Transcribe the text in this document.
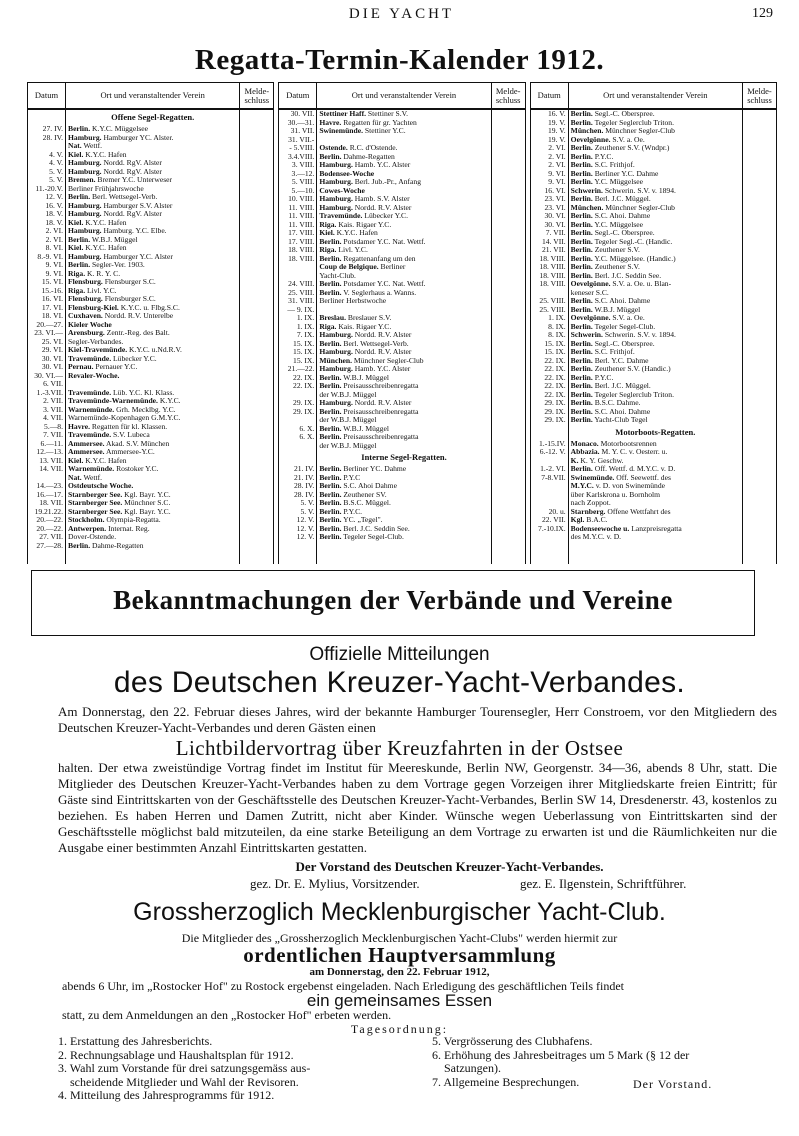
DIE YACHT	129
Regatta-Termin-Kalender 1912.
Datum	Ort und veranstaltender Verein	Melde-
schluss
Offene Segel-Regatten.
27. IV. Berlin. K.Y.C. Müggelsee
28. IV. Hamburg. Hamburger YC. Alster.
Nat. Wettf.
4. V. Kiel. K.Y.C. Hafen
4. V. Hamburg. Nordd. RgV. Alster
5. V. Hamburg. Nordd. RgV. Alster
5. V. Bremen. Bremer Y.C. Unterweser
11.-20.V. Berliner Frühjahrswoche
12. V. Berlin. Berl. Wettsegel-Verb.
16. V. Hamburg. Hamburger S.V. Alster
18. V. Hamburg. Nordd. RgV. Alster
18. V. Kiel. K.Y.C. Hafen
2. VI. Hamburg. Hamburg. Y.C. Elbe.
2. VI. Berlin. W.B.J. Müggel
8. VI. Kiel. K.Y.C. Hafen
8.-9. VI. Hamburg. Hamburger Y.C. Alster
9. VI. Berlin. Segler-Ver. 1903.
9. VI. Riga. K. R. Y. C.
15. VI. Flensburg. Flensburger S.C.
15.-16. Riga. Livl. Y.C.
16. VI. Flensburg. Flensburger S.C.
17. VI. Flensburg-Kiel. K.Y.C. u. Flbg.S.C.
18. VI. Cuxhaven. Nordd. R.V. Unterelbe
20.—27. Kieler Woche
23. VI.— Arensburg. Zentr.-Reg. des Balt.
25. VI. Segler-Verbandes.
29. VI. Kiel-Travemünde. K.Y.C. u.Nd.R.V.
30. VI. Travemünde. Lübecker Y.C.
30. VI. Pernau. Pernauer Y.C.
30. VI.— Revaler-Woche.
6. VII.
1.-3.VII. Travemünde. Lüb. Y.C. Kl. Klass.
2. VII. Travemünde-Warnemünde. K.Y.C.
3. VII. Warnemünde. Grh. Mecklbg. Y.C.
4. VII. Warnemünde-Kopenhagen G.M.Y.C.
5.—8. Havre. Regatten für kl. Klassen.
7. VII. Travemünde. S.V. Lubeca
6.—11. Ammersee. Akad. S.V. München
12.—13. Ammersee. Ammersee-Y.C.
13. VII. Kiel. K.Y.C. Hafen
14. VII. Warnemünde. Rostoker Y.C.
Nat. Wettf.
14.—23. Ostdeutsche Woche.
16.—17. Starnberger See. Kgl. Bayr. Y.C.
18. VII. Starnberger See. Münchner S.C.
19.21.22. Starnberger See. Kgl. Bayr. Y.C.
20.—22. Stockholm. Olympia-Regatta.
20.—22. Antwerpen. Internat. Reg.
27. VII. Dover-Ostende.
27.—28. Berlin. Dahme-Regatten
Datum	Ort und veranstaltender Verein	Melde-
schluss
30. VII. Stettiner Haff. Stettiner S.V.
30.—31. Havre. Regatten für gr. Yachten
31. VII. Swinemünde. Stettiner Y.C.
31. VII.-
- 5.VIII. Ostende. R.C. d'Ostende.
3.4.VIII. Berlin. Dahme-Regatten
3. VIII. Hamburg. Hamb. Y.C. Alster
3.—12. Bodensee-Woche
5. VIII. Hamburg. Berl. Jub.-Pr., Anfang
5.—10. Cowes-Woche
10. VIII. Hamburg. Hamb. S.V. Alster
11. VIII. Hamburg. Nordd. R.V. Alster
11. VIII. Travemünde. Lübecker Y.C.
11. VIII. Riga. Kais. Rigaer Y.C.
17. VIII. Kiel. K.Y.C. Hafen
17. VIII. Berlin. Potsdamer Y.C. Nat. Wettf.
18. VIII. Riga. Livl. Y.C.
18. VIII. Berlin. Regattenanfang um den
Coup de Belgique. Berliner
Yacht-Club.
24. VIII. Berlin. Potsdamer Y.C. Nat. Wettf.
25. VIII. Berlin. V. Seglerhaus a. Wanns.
31. VIII. Berliner Herbstwoche
— 9. IX.
1. IX. Breslau. Breslauer S.V.
1. IX. Riga. Kais. Rigaer Y.C.
7. IX. Hamburg. Nordd. R.V. Alster
15. IX. Berlin. Berl. Wettsegel-Verb.
15. IX. Hamburg. Nordd. R.V. Alster
15. IX. München. Münchner Segler-Club
21.—22. Hamburg. Hamb. Y.C. Alster
22. IX. Berlin. W.B.J. Müggel
22. IX. Berlin. Preisausschreibenregatta
der W.B.J. Müggel
29. IX. Hamburg. Nordd. R.V. Alster
29. IX. Berlin. Preisausschreibenregatta
der W.B.J. Müggel
6. X. Berlin. W.B.J. Müggel
6. X. Berlin. Preisausschreibenregatta
der W.B.J. Müggel
Interne Segel-Regatten.
21. IV. Berlin. Berliner YC. Dahme
21. IV. Berlin. P.Y.C
28. IV. Berlin. S.C. Ahoi Dahme
28. IV. Berlin. Zeuthener SV.
5. V. Berlin. B.S.C. Müggel.
5. V. Berlin. P.Y.C.
12. V. Berlin. YC. „Tegel".
12. V. Berlin. Berl. J.C. Seddin See.
12. V. Berlin. Tegeler Segel-Club.
Datum	Ort und veranstaltender Verein	Melde-
schluss
16. V. Berlin. Segl.-C. Oberspree.
19. V. Berlin. Tegeler Seglerclub Triton.
19. V. München. Münchner Segler-Club
19. V. Oevelgönne. S.V. a. Oe.
2. VI. Berlin. Zeuthener S.V. (Wndpr.)
2. VI. Berlin. P.Y.C.
2. VI. Berlin. S.C. Frithjof.
9. VI. Berlin. Berliner Y.C. Dahme
9. VI. Berlin. Y.C. Müggelsee
16. VI. Schwerin. Schwerin. S.V. v. 1894.
23. VI. Berlin. Berl. J.C. Müggel.
23. VI. München. Münchner Segler-Club
30. VI. Berlin. S.C. Ahoi. Dahme
30. VI. Berlin. Y.C. Müggelsee
7. VII. Berlin. Segl.-C. Oberspree.
14. VII. Berlin. Tegeler Segl.-C. (Handic.
21. VII. Berlin. Zeuthener S.V.
18. VIII. Berlin. Y.C. Müggelsee. (Handic.)
18. VIII. Berlin. Zeuthener S.V.
18. VIII. Berlin. Berl. J.C. Seddin See.
18. VIII. Oevelgönne. S.V. a. Oe. u. Blan-
keneser S.C.
25. VIII. Berlin. S.C. Ahoi. Dahme
25. VIII. Berlin. W.B.J. Müggel
1. IX. Oevelgönne. S.V. a. Oe.
8. IX. Berlin. Tegeler Segel-Club.
8. IX. Schwerin. Schwerin. S.V. v. 1894.
15. IX. Berlin. Segl.-C. Oberspree.
15. IX. Berlin. S.C. Frithjof.
22. IX. Berlin. Berl. Y.C. Dahme
22. IX. Berlin. Zeuthener S.V. (Handic.)
22. IX. Berlin. P.Y.C.
22. IX. Berlin. Berl. J.C. Müggel.
22. IX. Berlin. Tegeler Seglerclub Triton.
29. IX. Berlin. B.S.C. Dahme.
29. IX. Berlin. S.C. Ahoi. Dahme
29. IX. Berlin. Yacht-Club Tegel
Motorboots-Regatten.
1.-15.IV. Monaco. Motorbootsrennen
6.-12. V. Abbazia. M. Y. C. v. Oesterr. u.
K. K. Y. Geschw.
1.-2. VI. Berlin. Off. Wettf. d. M.Y.C. v. D.
7-8.VII. Swinemünde. Off. Seewettf. des
M.Y.C. v. D. von Swinemünde
über Karlskrona u. Bornholm
nach Zoppot.
20. u. Starnberg. Offene Wettfahrt des
22. VII. Kgl. B.A.C.
7.-10.IX. Bodenseewoche u. Lanzpreisregatta
des M.Y.C. v. D.
Bekanntmachungen der Verbände und Vereine
Offizielle Mitteilungen
des Deutschen Kreuzer-Yacht-Verbandes.
Am Donnerstag, den 22. Februar dieses Jahres, wird der bekannte Hamburger Tourensegler, Herr Constroem, vor den Mitgliedern des Deutschen Kreuzer-Yacht-Verbandes und deren Gästen einen
Lichtbildervortrag über Kreuzfahrten in der Ostsee
halten. Der etwa zweistündige Vortrag findet im Institut für Meereskunde, Berlin NW, Georgenstr. 34—36, abends 8 Uhr, statt. Die Mitglieder des Deutschen Kreuzer-Yacht-Verbandes haben zu dem Vortrage gegen Vorzeigen ihrer Mitgliedskarte freien Eintritt; für Gäste sind Eintrittskarten von der Geschäftsstelle des Deutschen Kreuzer-Yacht-Verbandes, Berlin SW 14, Dresdenerstr. 43, kostenlos zu beziehen. Es haben Herren und Damen Zutritt, nicht aber Kinder. Wünsche wegen Ueberlassung von Eintrittskarten sind der Geschäftsstelle möglichst bald mitzuteilen, da eine starke Beteiligung an dem Vortrage zu erwarten ist und die Räumlichkeiten nur die Ausgabe einer bestimmten Anzahl Eintrittskarten gestatten.
Der Vorstand des Deutschen Kreuzer-Yacht-Verbandes.
gez. Dr. E. Mylius, Vorsitzender.	gez. E. Ilgenstein, Schriftführer.
Grossherzoglich Mecklenburgischer Yacht-Club.
Die Mitglieder des „Grossherzoglich Mecklenburgischen Yacht-Clubs" werden hiermit zur
ordentlichen Hauptversammlung
am Donnerstag, den 22. Februar 1912,
abends 6 Uhr, im „Rostocker Hof" zu Rostock ergebenst eingeladen. Nach Erledigung des geschäftlichen Teils findet
ein gemeinsames Essen
statt, zu dem Anmeldungen an den „Rostocker Hof" erbeten werden.
Tagesordnung:
1. Erstattung des Jahresberichts.
2. Rechnungsablage und Haushaltsplan für 1912.
3. Wahl zum Vorstande für drei satzungsgemäss aus-
scheidende Mitglieder und Wahl der Revisoren.
4. Mitteilung des Jahresprogramms für 1912.
5. Vergrösserung des Clubhafens.
6. Erhöhung des Jahresbeitrages um 5 Mark (§ 12 der
Satzungen).
7. Allgemeine Besprechungen.	Der Vorstand.
